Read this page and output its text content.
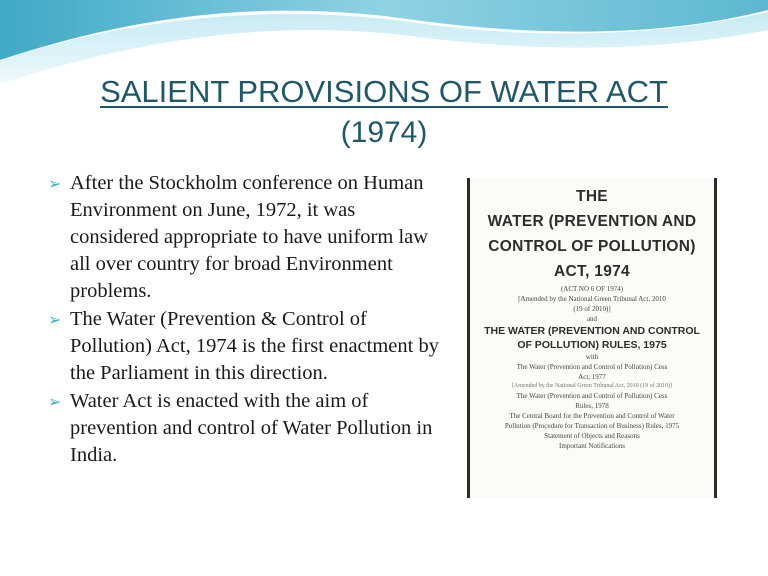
SALIENT PROVISIONS OF WATER ACT
(1974)
➢ After the Stockholm conference on Human Environment on June, 1972, it was considered appropriate to have uniform law all over country for broad Environment problems.
➢ The Water (Prevention & Control of Pollution) Act, 1974 is the first enactment by the Parliament in this direction.
➢ Water Act is enacted with the aim of prevention and control of Water Pollution in India.
THE
WATER (PREVENTION AND
CONTROL OF POLLUTION)
ACT, 1974
(ACT NO 6 OF 1974)
[Amended by the National Green Tribunal Act, 2010
(19 of 2010)]
and
THE WATER (PREVENTION AND CONTROL
OF POLLUTION) RULES, 1975
with
The Water (Prevention and Control of Pollution) Cess
Act, 1977
[Amended by the National Green Tribunal Act, 2010 (19 of 2010)]
The Water (Prevention and Control of Pollution) Cess
Rules, 1978
The Central Board for the Prevention and Control of Water
Pollution (Procedure for Transaction of Business) Rules, 1975
Statement of Objects and Reasons
Important Notifications
